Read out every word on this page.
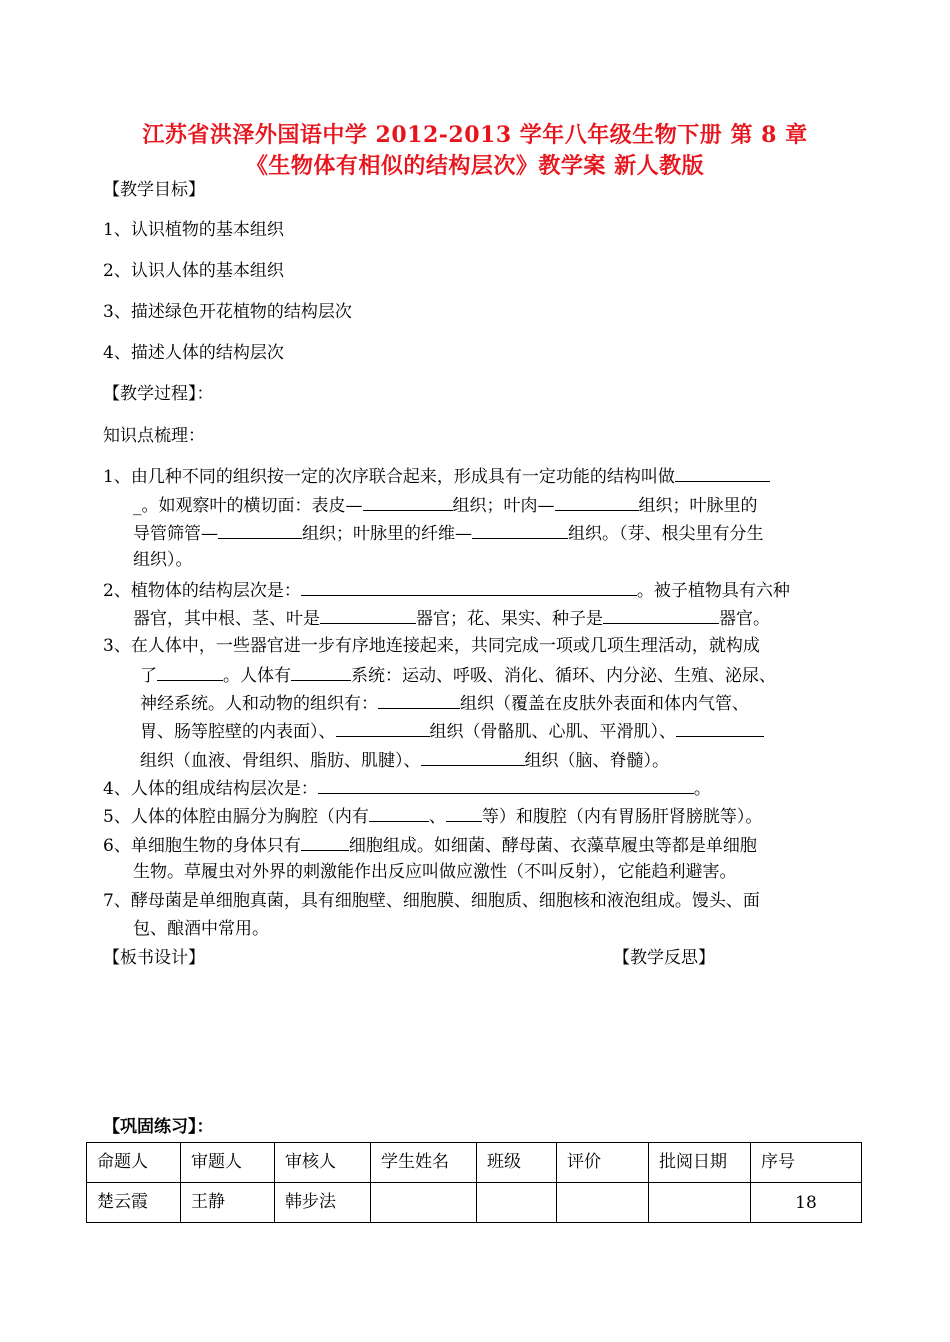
江苏省洪泽外国语中学 2012-2013 学年八年级生物下册 第 8 章
《生物体有相似的结构层次》教学案 新人教版
【教学目标】
1、认识植物的基本组织
2、认识人体的基本组织
3、描述绿色开花植物的结构层次
4、描述人体的结构层次
【教学过程】：
知识点梳理：
1、由几种不同的组织按一定的次序联合起来，形成具有一定功能的结构叫做
_。如观察叶的横切面：表皮—	组织；叶肉—	组织；叶脉里的
导管筛管—	组织；叶脉里的纤维—	组织。（芽、根尖里有分生
组织）。
2、植物体的结构层次是：	。被子植物具有六种
器官，其中根、茎、叶是	器官；花、果实、种子是	器官。
3、在人体中，一些器官进一步有序地连接起来，共同完成一项或几项生理活动，就构成
了	。人体有	系统：运动、呼吸、消化、循环、内分泌、生殖、泌尿、
神经系统。人和动物的组织有：	组织（覆盖在皮肤外表面和体内气管、
胃、肠等腔壁的内表面）、	组织（骨骼肌、心肌、平滑肌）、
组织（血液、骨组织、脂肪、肌腱）、	组织（脑、脊髓）。
4、人体的组成结构层次是：	。
5、人体的体腔由膈分为胸腔（内有	、 等）和腹腔（内有胃肠肝肾膀胱等）。
6、单细胞生物的身体只有	细胞组成。如细菌、酵母菌、衣藻草履虫等都是单细胞
生物。草履虫对外界的刺激能作出反应叫做应激性（不叫反射），它能趋利避害。
7、酵母菌是单细胞真菌，具有细胞壁、细胞膜、细胞质、细胞核和液泡组成。馒头、面
包、酿酒中常用。
【板书设计】	【教学反思】
【巩固练习】：
命题人	审题人	审核人	学生姓名	班级	评价	批阅日期	序号
楚云霞	王静	韩步法					18
